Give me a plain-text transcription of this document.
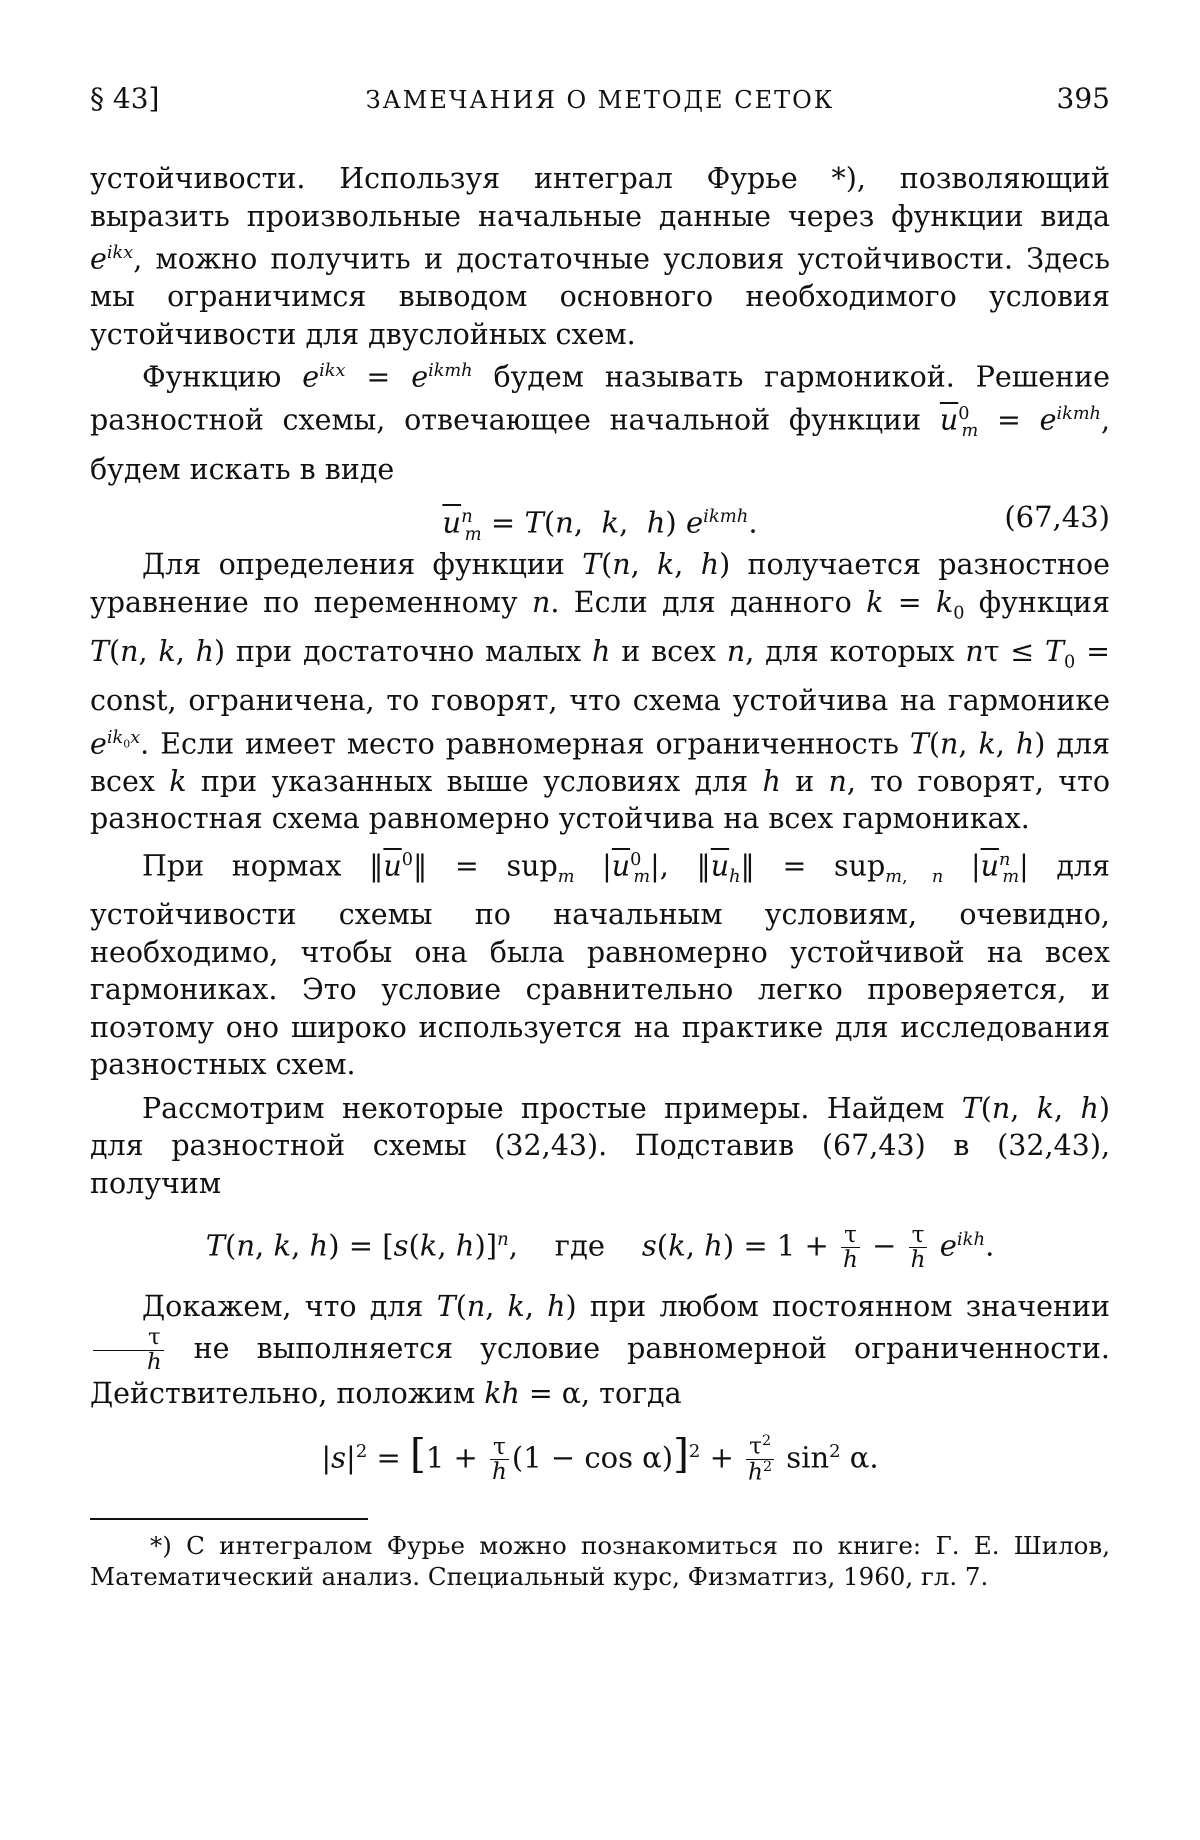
§ 43]	ЗАМЕЧАНИЯ О МЕТОДЕ СЕТОК	395

устойчивости. Используя интеграл Фурье *), позволяющий выразить произвольные начальные данные через функции вида $e^{ikx}$, можно получить и достаточные условия устойчивости. Здесь мы ограничимся выводом основного необходимого условия устойчивости для двуслойных схем.

Функцию $e^{ikx} = e^{ikmh}$ будем называть гармоникой. Решение разностной схемы, отвечающее начальной функции $\overline{u}^0_m = e^{ikmh}$, будем искать в виде

$\overline{u}^n_m = T(n$,  k,  h) $e^{ikmh}$.	(67,43)

Для определения функции T(n, k, h) получается разностное уравнение по переменному n. Если для данного $k = k_0$ функция T(n, k, h) при достаточно малых h и всех n, для которых $n\tau \le T_0$ = const, ограничена, то говорят, что схема устойчива на гармонике $e^{ik_0x}$. Если имеет место равномерная ограниченность T(n, k, h) для всех k при указанных выше условиях для h и n, то говорят, что разностная схема равномерно устойчива на всех гармониках.

При нормах $‖\overline{u}^0‖ = sup_m$ $|\overline{u}^0_m|$, $‖\overline{u}_h‖ = sup_{m, n}$ $|\overline{u}^n_m|$ для устойчивости схемы по начальным условиям, очевидно, необходимо, чтобы она была равномерно устойчивой на всех гармониках. Это условие сравнительно легко проверяется, и поэтому оно широко используется на практике для исследования разностных схем.

Рассмотрим некоторые простые примеры. Найдем T(n, k, h) для разностной схемы (32,43). Подставив (67,43) в (32,43), получим

T(n, k, h) = [s(k, h)]$^n$,    где    s(k, $h) = 1 + \frac{\tau}{h} - \frac{\tau}{h} e^{ikh}$.

Докажем, что для T(n, k, h) при любом постоянном значении
$\frac{\tau}{h}$ не выполняется условие равномерной ограниченности. Действительно, положим kh = α, тогда

$|s|^2 = [1 + \frac{\tau}{h} (1 - \cos \alpha)]^2 + \frac{\tau^2}{h^2} \sin^2 \alpha$.

*) С интегралом Фурье можно познакомиться по книге: Г. Е. Шилов, Математический анализ. Специальный курс, Физматгиз, 1960, гл. 7.
